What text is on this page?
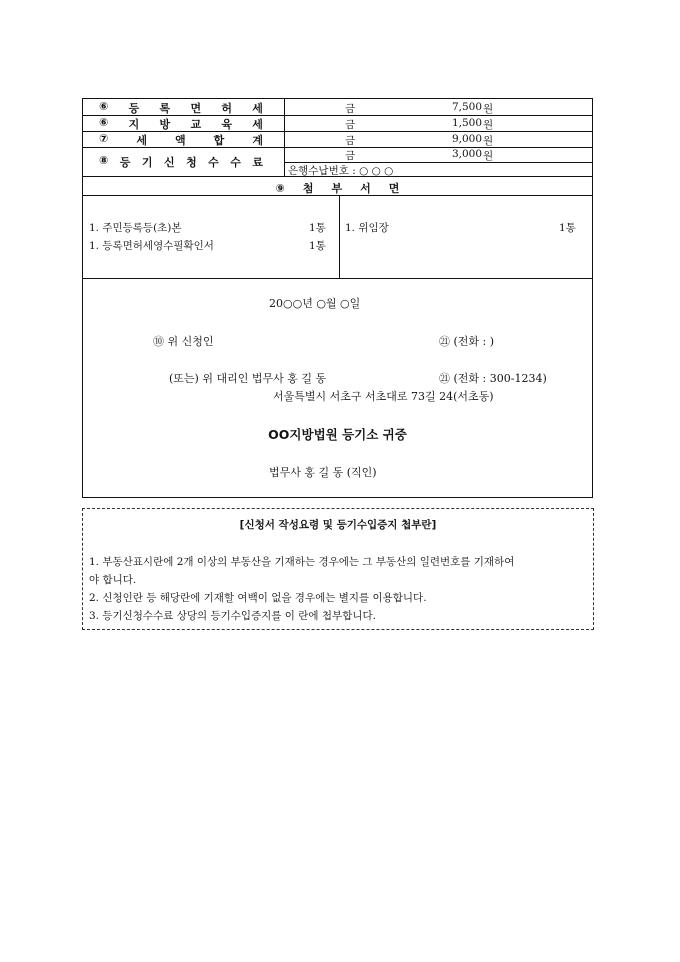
⑥ 등 록 면 허 세	금	7,500 원
⑥ 지 방 교 육 세	금	1,500 원
⑦ 세 액 합 계	금	9,000 원
⑧ 등 기 신 청 수 수 료	금	3,000 원
은행수납번호 : ○ ○ ○
⑨ 첨 부 서 면
1. 주민등록등(초)본	1통
1. 등록면허세영수필확인서	1통
1. 위임장	1통
20○○년 ○월 ○일
⑩ 위 신청인	㉑ (전화 : )
(또는) 위 대리인 법무사 홍 길 동	㉑ (전화 : 300-1234)
서울특별시 서초구 서초대로 73길 24(서초동)
OO지방법원 등기소 귀중
법무사 홍 길 동 (직인)
[신청서 작성요령 및 등기수입증지 첩부란]
1. 부동산표시란에 2개 이상의 부동산을 기재하는 경우에는 그 부동산의 일련번호를 기재하여
야 합니다.
2. 신청인란 등 해당란에 기재할 여백이 없을 경우에는 별지를 이용합니다.
3. 등기신청수수료 상당의 등기수입증지를 이 란에 첩부합니다.
